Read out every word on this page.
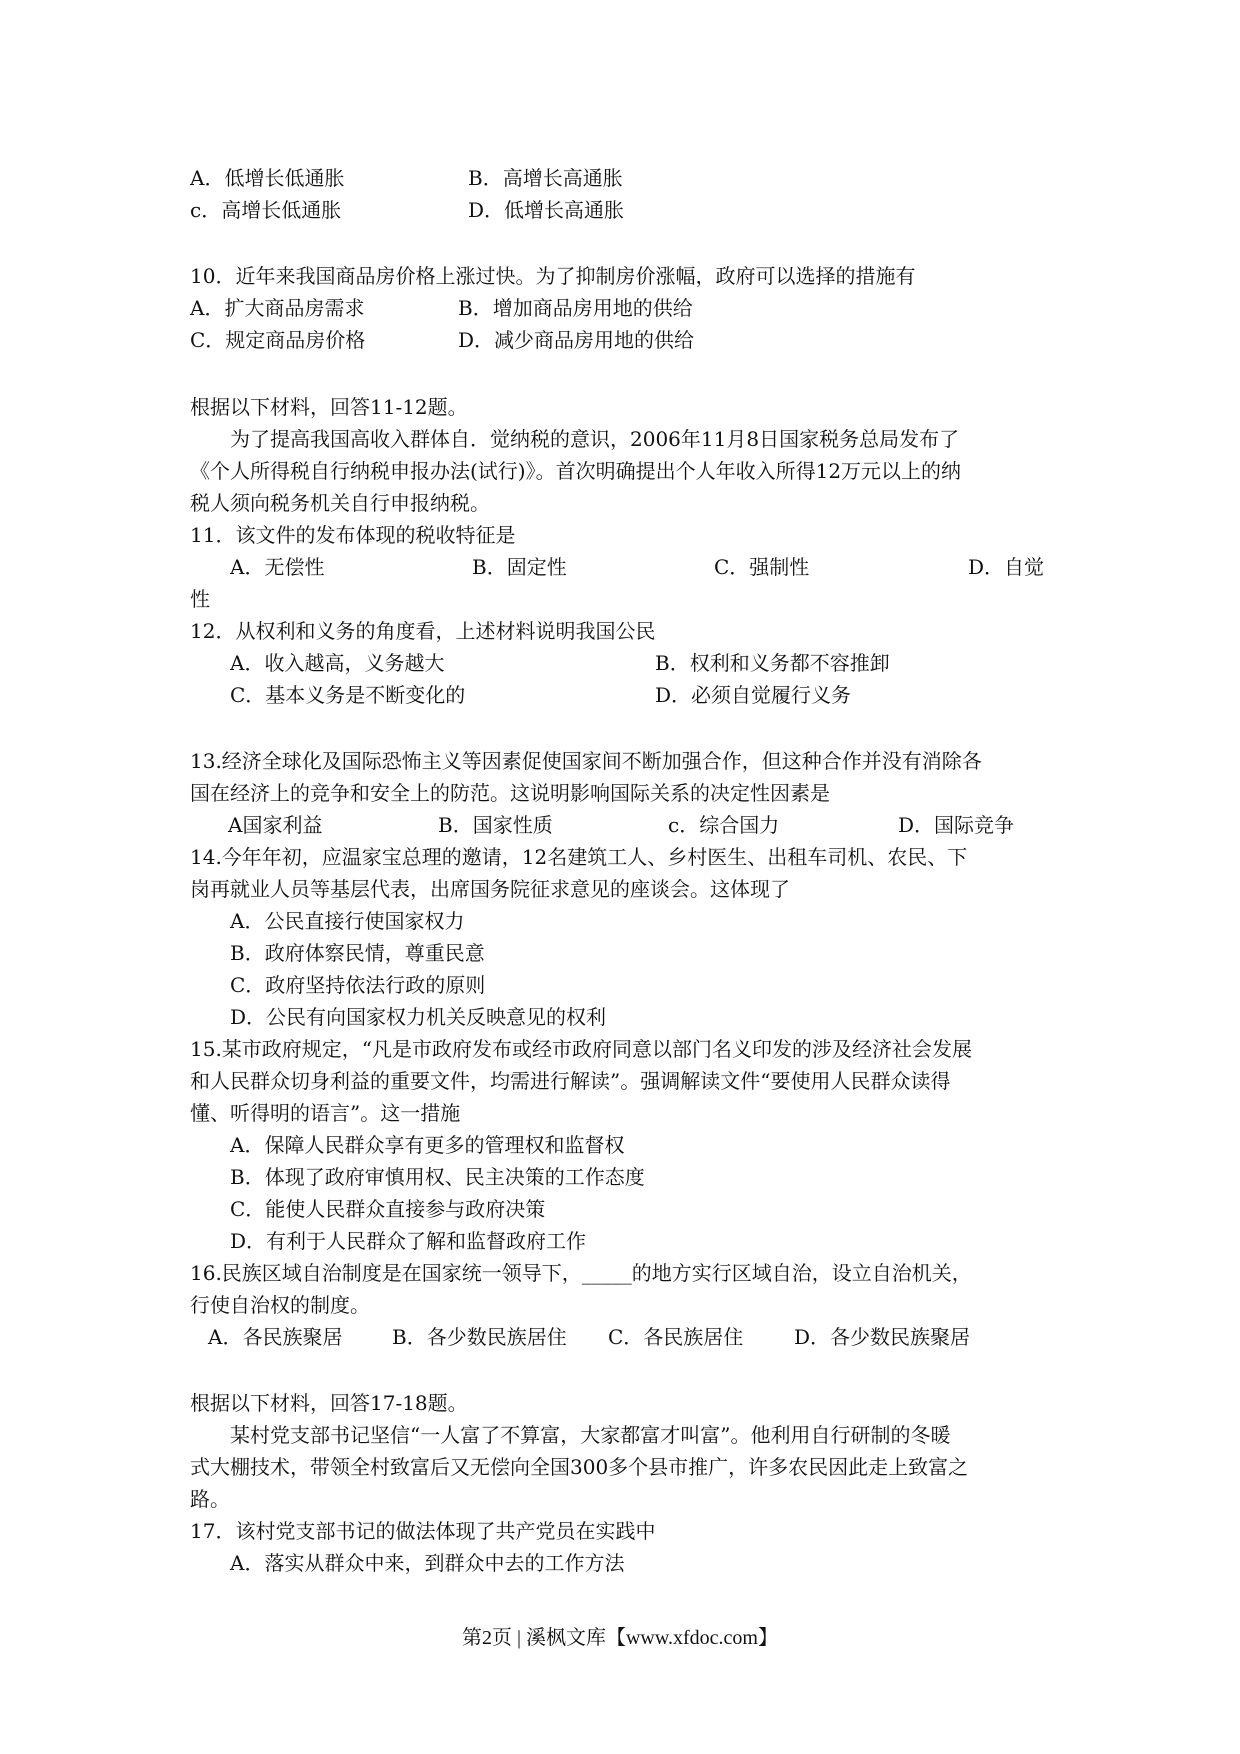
A．低增长低通胀	B．高增长高通胀
c．高增长低通胀	D．低增长高通胀
10．近年来我国商品房价格上涨过快。为了抑制房价涨幅，政府可以选择的措施有
A．扩大商品房需求	B．增加商品房用地的供给
C．规定商品房价格	D．减少商品房用地的供给
根据以下材料，回答11-12题。
为了提高我国高收入群体自．觉纳税的意识，2006年11月8日国家税务总局发布了
《个人所得税自行纳税申报办法(试行)》。首次明确提出个人年收入所得12万元以上的纳
税人须向税务机关自行申报纳税。
11．该文件的发布体现的税收特征是
A．无偿性	B．固定性	C．强制性	D．自觉
性
12．从权利和义务的角度看，上述材料说明我国公民
A．收入越高，义务越大	B．权利和义务都不容推卸
C．基本义务是不断变化的	D．必须自觉履行义务
13.经济全球化及国际恐怖主义等因素促使国家间不断加强合作，但这种合作并没有消除各
国在经济上的竞争和安全上的防范。这说明影响国际关系的决定性因素是
A国家利益	B．国家性质	c．综合国力	D．国际竞争
14.今年年初，应温家宝总理的邀请，12名建筑工人、乡村医生、出租车司机、农民、下
岗再就业人员等基层代表，出席国务院征求意见的座谈会。这体现了
A．公民直接行使国家权力
B．政府体察民情，尊重民意
C．政府坚持依法行政的原则
D．公民有向国家权力机关反映意见的权利
15.某市政府规定，“凡是市政府发布或经市政府同意以部门名义印发的涉及经济社会发展
和人民群众切身利益的重要文件，均需进行解读”。强调解读文件“要使用人民群众读得
懂、听得明的语言”。这一措施
A．保障人民群众享有更多的管理权和监督权
B．体现了政府审慎用权、民主决策的工作态度
C．能使人民群众直接参与政府决策
D．有利于人民群众了解和监督政府工作
16.民族区域自治制度是在国家统一领导下，_____的地方实行区域自治，设立自治机关，
行使自治权的制度。
A．各民族聚居 B．各少数民族居住 C．各民族居住	D．各少数民族聚居
根据以下材料，回答17-18题。
某村党支部书记坚信“一人富了不算富，大家都富才叫富”。他利用自行研制的冬暖
式大棚技术，带领全村致富后又无偿向全国300多个县市推广，许多农民因此走上致富之
路。
17．该村党支部书记的做法体现了共产党员在实践中
A．落实从群众中来，到群众中去的工作方法
第2页 | 溪枫文库【www.xfdoc.com】
